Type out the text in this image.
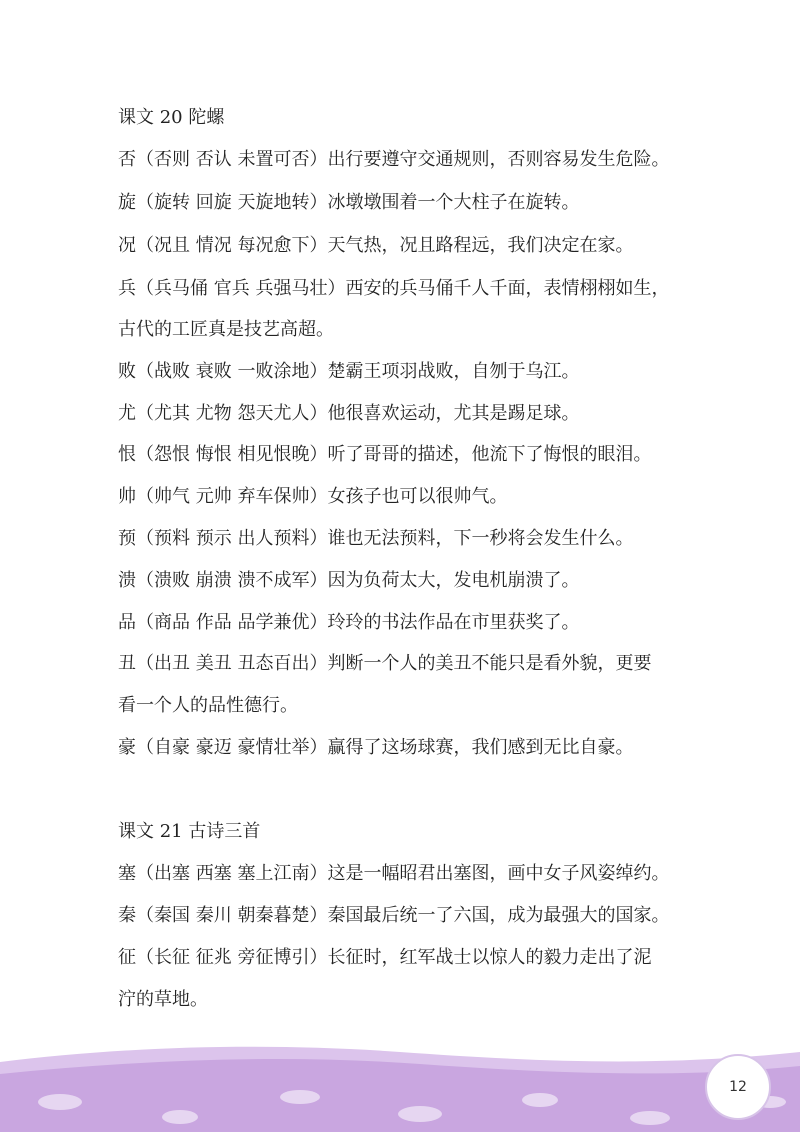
课文 20 陀螺
否（否则 否认 未置可否）出行要遵守交通规则，否则容易发生危险。
旋（旋转 回旋 天旋地转）冰墩墩围着一个大柱子在旋转。
况（况且 情况 每况愈下）天气热，况且路程远，我们决定在家。
兵（兵马俑 官兵 兵强马壮）西安的兵马俑千人千面，表情栩栩如生，
古代的工匠真是技艺高超。
败（战败 衰败 一败涂地）楚霸王项羽战败，自刎于乌江。
尤（尤其 尤物 怨天尤人）他很喜欢运动，尤其是踢足球。
恨（怨恨 悔恨 相见恨晚）听了哥哥的描述，他流下了悔恨的眼泪。
帅（帅气 元帅 弃车保帅）女孩子也可以很帅气。
预（预料 预示 出人预料）谁也无法预料，下一秒将会发生什么。
溃（溃败 崩溃 溃不成军）因为负荷太大，发电机崩溃了。
品（商品 作品 品学兼优）玲玲的书法作品在市里获奖了。
丑（出丑 美丑 丑态百出）判断一个人的美丑不能只是看外貌，更要
看一个人的品性德行。
豪（自豪 豪迈 豪情壮举）赢得了这场球赛，我们感到无比自豪。
课文 21 古诗三首
塞（出塞 西塞 塞上江南）这是一幅昭君出塞图，画中女子风姿绰约。
秦（秦国 秦川 朝秦暮楚）秦国最后统一了六国，成为最强大的国家。
征（长征 征兆 旁征博引）长征时，红军战士以惊人的毅力走出了泥
泞的草地。
12
